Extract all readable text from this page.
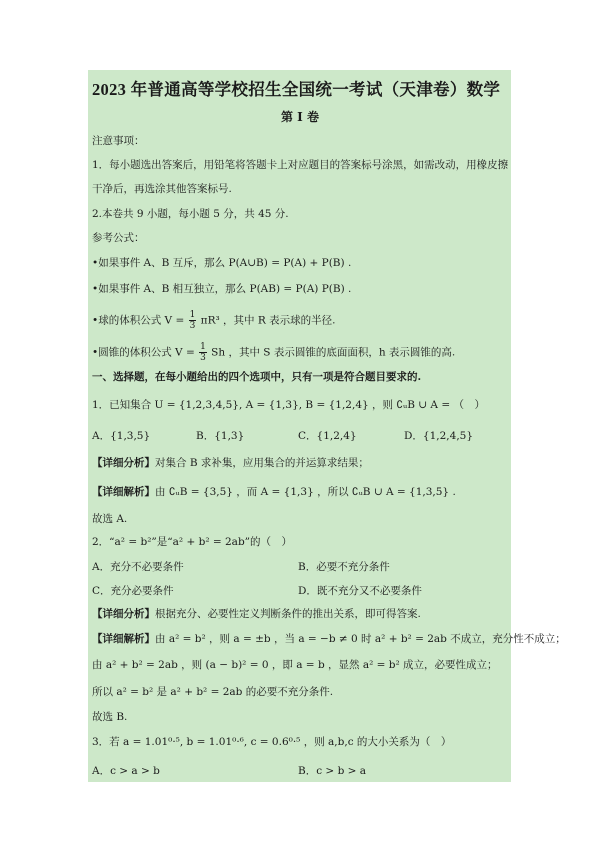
2023 年普通高等学校招生全国统一考试（天津卷）数学
第 I 卷
注意事项：
1．每小题选出答案后，用铅笔将答题卡上对应题目的答案标号涂黑，如需改动，用橡皮擦
干净后，再选涂其他答案标号.
2.本卷共 9 小题，每小题 5 分，共 45 分.
参考公式：
•如果事件 A、B 互斥，那么 P(A∪B) = P(A) + P(B) .
•如果事件 A、B 相互独立，那么 P(AB) = P(A) P(B) .
•球的体积公式 $V = \frac{1}{3} \pi R^3$ ，其中 R 表示球的半径.
•圆锥的体积公式 $V = \frac{1}{3}$ Sh ，其中 S 表示圆锥的底面面积，h 表示圆锥的高.
一、选择题，在每小题给出的四个选项中，只有一项是符合题目要求的.
1．已知集合 U = {1,2,3,4,5}, A = {1,3}, B = {1,2,4} ，则 ∁ᵤB ∪ A = （　）
A．{1,3,5}	B．{1,3}	C．{1,2,4}	D．{1,2,4,5}
【详细分析】对集合 B 求补集，应用集合的并运算求结果；
【详细解析】由 ∁ᵤB = {3,5} ，而 A = {1,3} ，所以 ∁ᵤB ∪ A = {1,3,5} .
故选 A.
2．“a² = b²”是“a² + b² = 2ab”的（　）
A．充分不必要条件	B．必要不充分条件
C．充分必要条件	D．既不充分又不必要条件
【详细分析】根据充分、必要性定义判断条件的推出关系，即可得答案.
【详细解析】由 a² = b² ，则 a = ±b ，当 a = −b ≠ 0 时 a² + b² = 2ab 不成立，充分性不成立；
由 a² + b² = 2ab ，则 (a − b)² = 0 ，即 a = b ，显然 a² = b² 成立，必要性成立；
所以 a² = b² 是 a² + b² = 2ab 的必要不充分条件.
故选 B.
3．若 a = 1.01⁰·⁵, b = 1.01⁰·⁶, c = 0.6⁰·⁵ ，则 a,b,c 的大小关系为（　）
A．c > a > b	B．c > b > a
